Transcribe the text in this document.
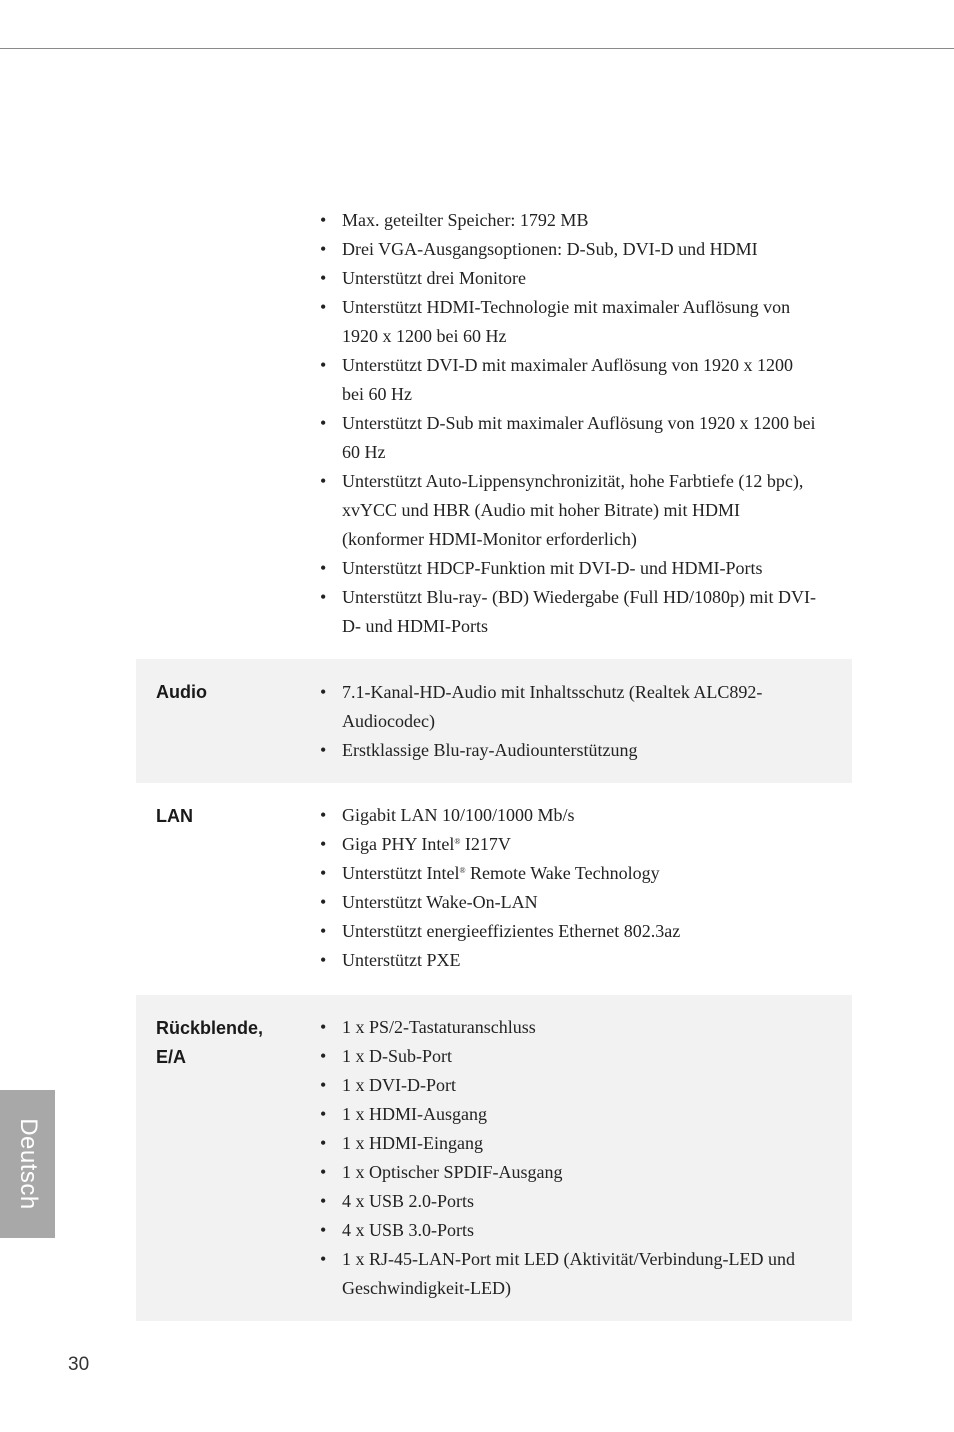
• Max. geteilter Speicher: 1792 MB
• Drei VGA-Ausgangsoptionen: D-Sub, DVI-D und HDMI
• Unterstützt drei Monitore
• Unterstützt HDMI-Technologie mit maximaler Auflösung von 1920 x 1200 bei 60 Hz
• Unterstützt DVI-D mit maximaler Auflösung von 1920 x 1200 bei 60 Hz
• Unterstützt D-Sub mit maximaler Auflösung von 1920 x 1200 bei 60 Hz
• Unterstützt Auto-Lippensynchronizität, hohe Farbtiefe (12 bpc), xvYCC und HBR (Audio mit hoher Bitrate) mit HDMI (konformer HDMI-Monitor erforderlich)
• Unterstützt HDCP-Funktion mit DVI-D- und HDMI-Ports
• Unterstützt Blu-ray- (BD) Wiedergabe (Full HD/1080p) mit DVI-D- und HDMI-Ports
Audio	• 7.1-Kanal-HD-Audio mit Inhaltsschutz (Realtek ALC892-Audiocodec)
• Erstklassige Blu-ray-Audiounterstützung
LAN	• Gigabit LAN 10/100/1000 Mb/s
• Giga PHY Intel® I217V
• Unterstützt Intel® Remote Wake Technology
• Unterstützt Wake-On-LAN
• Unterstützt energieeffizientes Ethernet 802.3az
• Unterstützt PXE
Rückblende, E/A
• 1 x PS/2-Tastaturanschluss
• 1 x D-Sub-Port
• 1 x DVI-D-Port
• 1 x HDMI-Ausgang
• 1 x HDMI-Eingang
• 1 x Optischer SPDIF-Ausgang
• 4 x USB 2.0-Ports
• 4 x USB 3.0-Ports
• 1 x RJ-45-LAN-Port mit LED (Aktivität/Verbindung-LED und Geschwindigkeit-LED)
Deutsch
30
